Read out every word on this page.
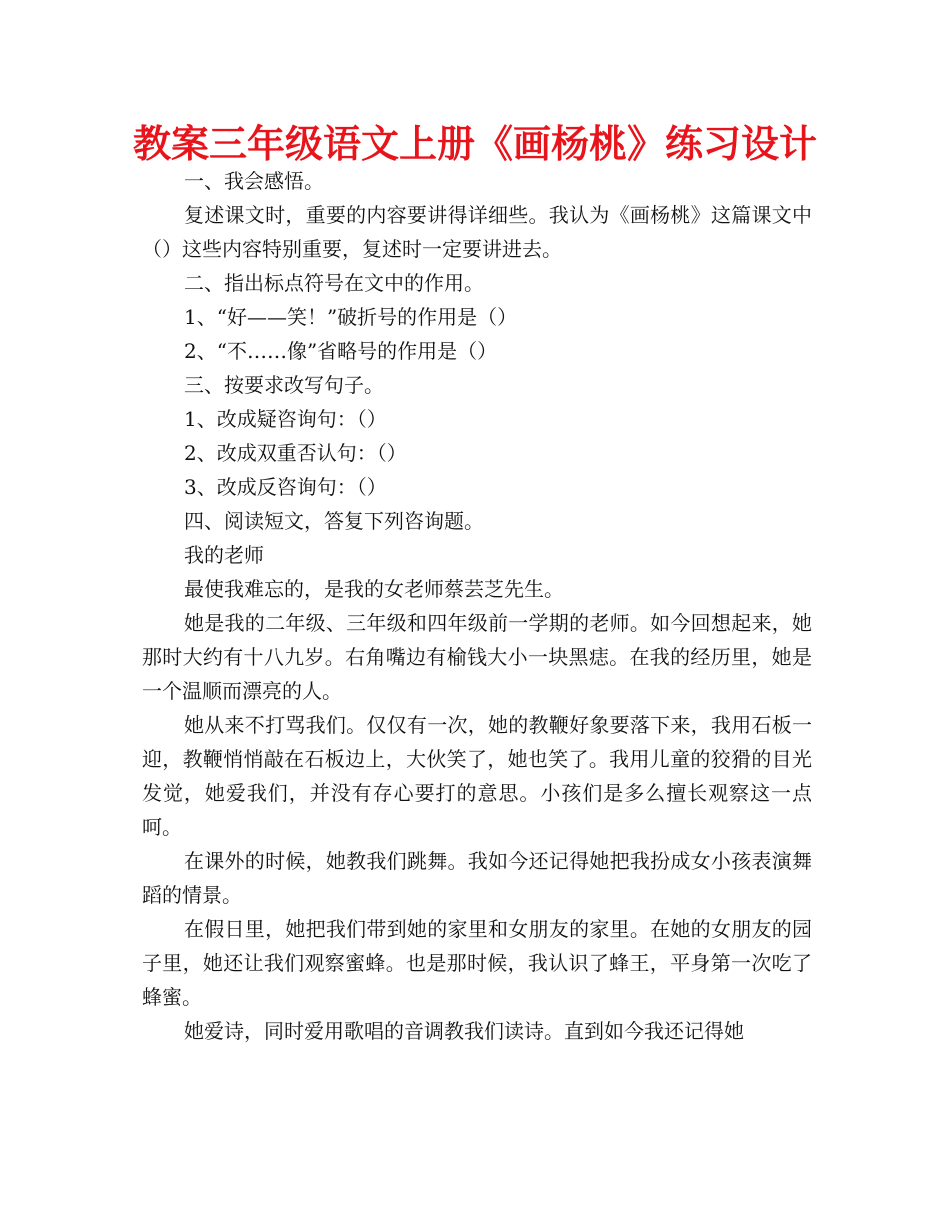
教案三年级语文上册《画杨桃》练习设计

一、我会感悟。

复述课文时，重要的内容要讲得详细些。我认为《画杨桃》这篇课文中（）这些内容特别重要，复述时一定要讲进去。

二、指出标点符号在文中的作用。

1、“好——笑！”破折号的作用是（）

2、“不……像”省略号的作用是（）

三、按要求改写句子。

1、改成疑咨询句：（）

2、改成双重否认句：（）

3、改成反咨询句：（）

四、阅读短文，答复下列咨询题。

我的老师

最使我难忘的，是我的女老师蔡芸芝先生。

她是我的二年级、三年级和四年级前一学期的老师。如今回想起来，她那时大约有十八九岁。右角嘴边有榆钱大小一块黑痣。在我的经历里，她是一个温顺而漂亮的人。

她从来不打骂我们。仅仅有一次，她的教鞭好象要落下来，我用石板一迎，教鞭悄悄敲在石板边上，大伙笑了，她也笑了。我用儿童的狡猾的目光发觉，她爱我们，并没有存心要打的意思。小孩们是多么擅长观察这一点呵。

在课外的时候，她教我们跳舞。我如今还记得她把我扮成女小孩表演舞蹈的情景。

在假日里，她把我们带到她的家里和女朋友的家里。在她的女朋友的园子里，她还让我们观察蜜蜂。也是那时候，我认识了蜂王，平身第一次吃了蜂蜜。

她爱诗，同时爱用歌唱的音调教我们读诗。直到如今我还记得她
